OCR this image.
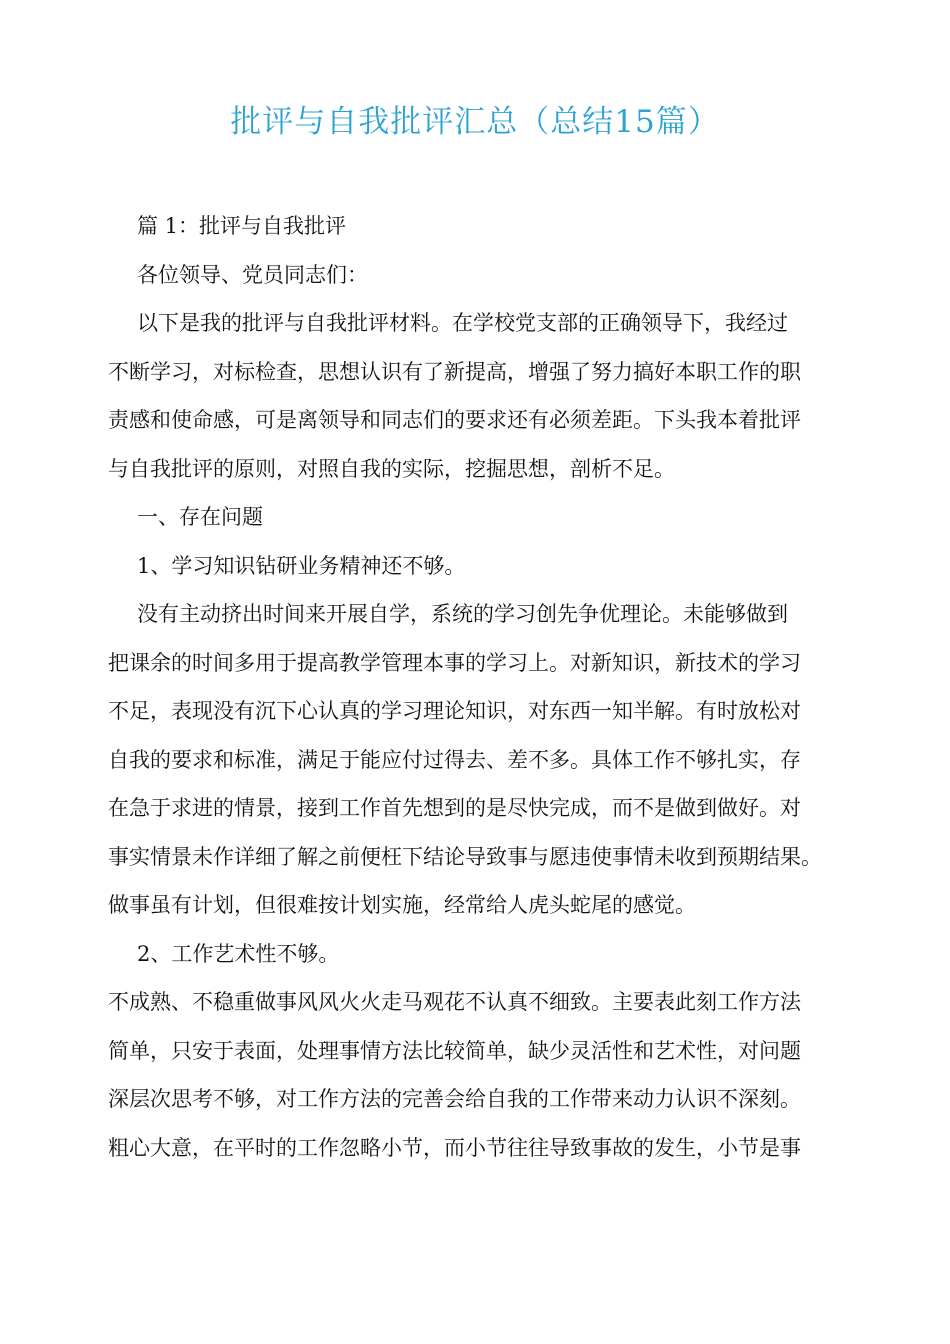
批评与自我批评汇总（总结15篇）
篇 1：批评与自我批评
各位领导、党员同志们：
以下是我的批评与自我批评材料。在学校党支部的正确领导下，我经过
不断学习，对标检查，思想认识有了新提高，增强了努力搞好本职工作的职
责感和使命感，可是离领导和同志们的要求还有必须差距。下头我本着批评
与自我批评的原则，对照自我的实际，挖掘思想，剖析不足。
一、存在问题
1、学习知识钻研业务精神还不够。
没有主动挤出时间来开展自学，系统的学习创先争优理论。未能够做到
把课余的时间多用于提高教学管理本事的学习上。对新知识，新技术的学习
不足，表现没有沉下心认真的学习理论知识，对东西一知半解。有时放松对
自我的要求和标准，满足于能应付过得去、差不多。具体工作不够扎实，存
在急于求进的情景，接到工作首先想到的是尽快完成，而不是做到做好。对
事实情景未作详细了解之前便枉下结论导致事与愿违使事情未收到预期结果。
做事虽有计划，但很难按计划实施，经常给人虎头蛇尾的感觉。
2、工作艺术性不够。
不成熟、不稳重做事风风火火走马观花不认真不细致。主要表此刻工作方法
简单，只安于表面，处理事情方法比较简单，缺少灵活性和艺术性，对问题
深层次思考不够，对工作方法的完善会给自我的工作带来动力认识不深刻。
粗心大意，在平时的工作忽略小节，而小节往往导致事故的发生，小节是事
